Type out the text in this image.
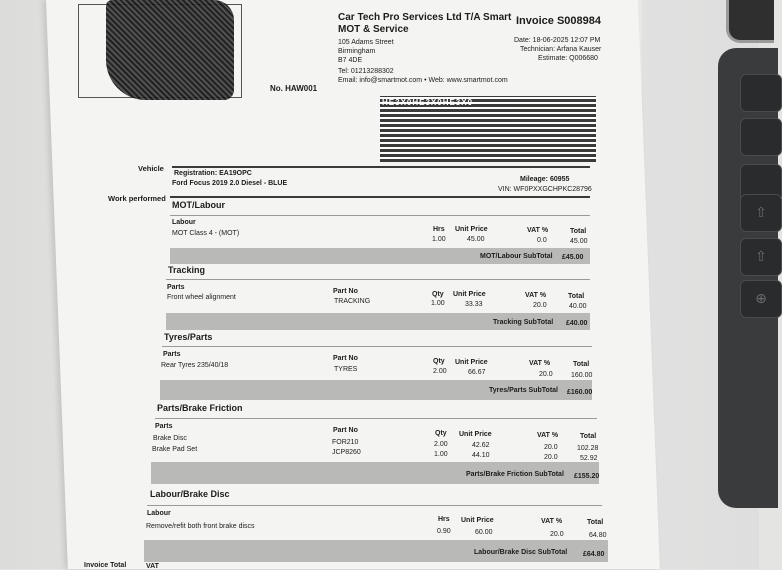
⇧
⇧
⊕
No. HAW001
Car Tech Pro Services Ltd T/A Smart
MOT & Service
105 Adams Street
Birmingham
B7 4DE
Tel: 01213288302
Email: info@smartmot.com • Web: www.smartmot.com
Invoice S008984
Date: 18-06-2025 12:07 PM
Technician: Arfana Kauser
Estimate: Q006680
HE3X0HE3X0HE3X0
Vehicle
Registration: EA19OPC
Ford Focus 2019 2.0 Diesel - BLUE
Mileage: 60955
VIN: WF0PXXGCHPKC28796
Work performed
MOT/Labour
Labour
Hrs Unit Price	VAT %	Total
MOT Class 4 - (MOT)
1.00	45.00	0.0	45.00
MOT/Labour SubTotal £45.00
Tracking
Parts
Part No	Qty Unit Price	VAT %	Total
Front wheel alignment
TRACKING	1.00	33.33	20.0	40.00
Tracking SubTotal £40.00
Tyres/Parts
Parts
Part No	Qty Unit Price	VAT %	Total
Rear Tyres 235/40/18
TYRES	2.00	66.67	20.0	160.00
Tyres/Parts SubTotal £160.00
Parts/Brake Friction
Parts
Part No	Qty Unit Price	VAT %	Total
Brake Disc
FOR210	2.00	42.62	20.0	102.28
Brake Pad Set	JCP8260	1.00	44.10	20.0	52.92
Parts/Brake Friction SubTotal £155.20
Labour/Brake Disc
Labour
Hrs Unit Price	VAT %	Total
Remove/refit both front brake discs
0.90	60.00	20.0	64.80
Labour/Brake Disc SubTotal £64.80
Invoice Total	VAT
